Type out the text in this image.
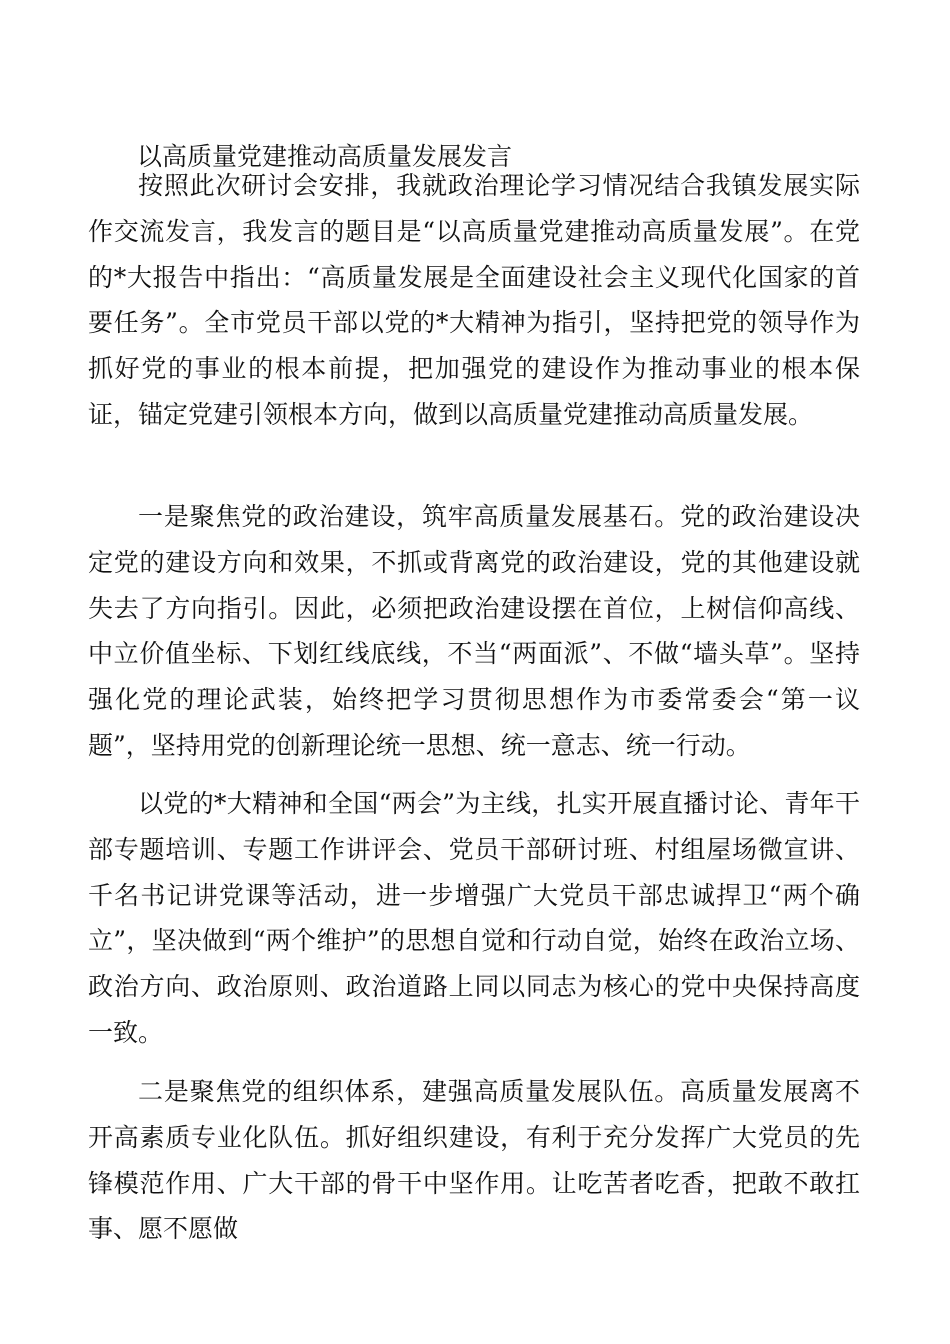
以高质量党建推动高质量发展发言

按照此次研讨会安排，我就政治理论学习情况结合我镇发展实际作交流发言，我发言的题目是“以高质量党建推动高质量发展”。在党的*大报告中指出：“高质量发展是全面建设社会主义现代化国家的首要任务”。全市党员干部以党的*大精神为指引，坚持把党的领导作为抓好党的事业的根本前提，把加强党的建设作为推动事业的根本保证，锚定党建引领根本方向，做到以高质量党建推动高质量发展。

一是聚焦党的政治建设，筑牢高质量发展基石。党的政治建设决定党的建设方向和效果，不抓或背离党的政治建设，党的其他建设就失去了方向指引。因此，必须把政治建设摆在首位，上树信仰高线、中立价值坐标、下划红线底线，不当“两面派”、不做“墙头草”。坚持强化党的理论武装，始终把学习贯彻思想作为市委常委会“第一议题”，坚持用党的创新理论统一思想、统一意志、统一行动。

以党的*大精神和全国“两会”为主线，扎实开展直播讨论、青年干部专题培训、专题工作讲评会、党员干部研讨班、村组屋场微宣讲、千名书记讲党课等活动，进一步增强广大党员干部忠诚捍卫“两个确立”，坚决做到“两个维护”的思想自觉和行动自觉，始终在政治立场、政治方向、政治原则、政治道路上同以同志为核心的党中央保持高度一致。

二是聚焦党的组织体系，建强高质量发展队伍。高质量发展离不开高素质专业化队伍。抓好组织建设，有利于充分发挥广大党员的先锋模范作用、广大干部的骨干中坚作用。让吃苦者吃香，把敢不敢扛事、愿不愿做
